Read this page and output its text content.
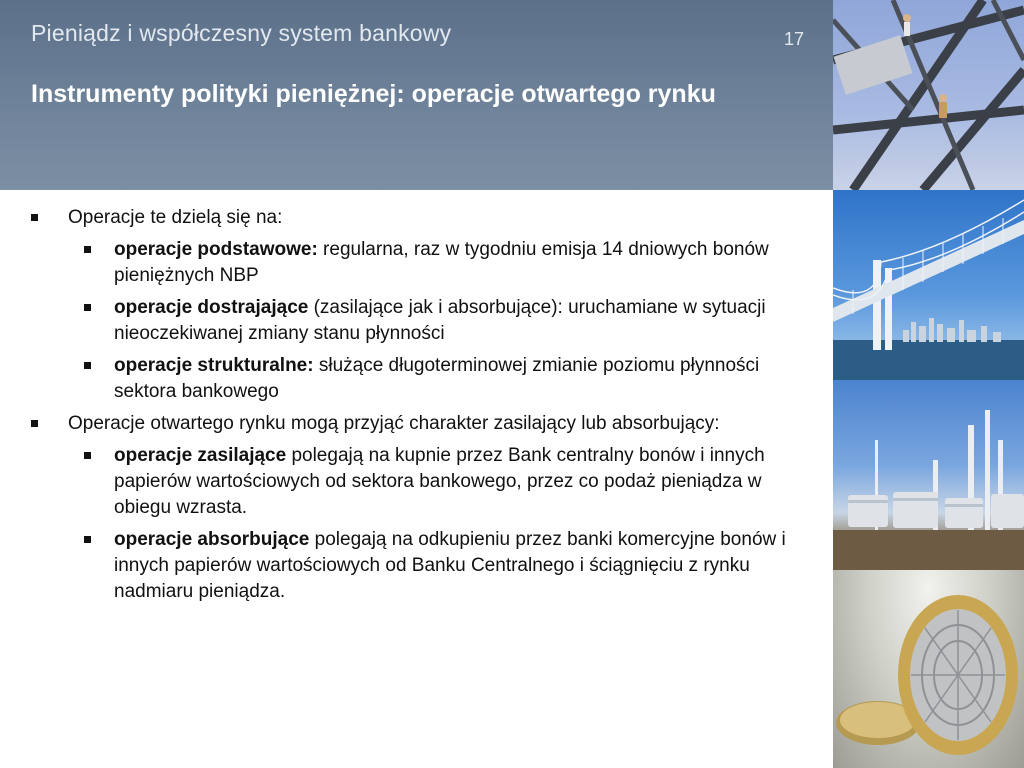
Pieniądz i współczesny system bankowy	17
Instrumenty polityki pieniężnej: operacje otwartego rynku
Operacje te dzielą się na:
operacje podstawowe: regularna, raz w tygodniu emisja 14 dniowych bonów pieniężnych NBP
operacje dostrajające (zasilające jak i absorbujące): uruchamiane w sytuacji nieoczekiwanej zmiany stanu płynności
operacje strukturalne: służące długoterminowej zmianie poziomu płynności sektora bankowego
Operacje otwartego rynku mogą przyjąć charakter zasilający lub absorbujący:
operacje zasilające polegają na kupnie przez Bank centralny bonów i innych papierów wartościowych od sektora bankowego, przez co podaż pieniądza w obiegu wzrasta.
operacje absorbujące polegają na odkupieniu przez banki komercyjne bonów i innych papierów wartościowych od Banku Centralnego i ściągnięciu z rynku nadmiaru pieniądza.
